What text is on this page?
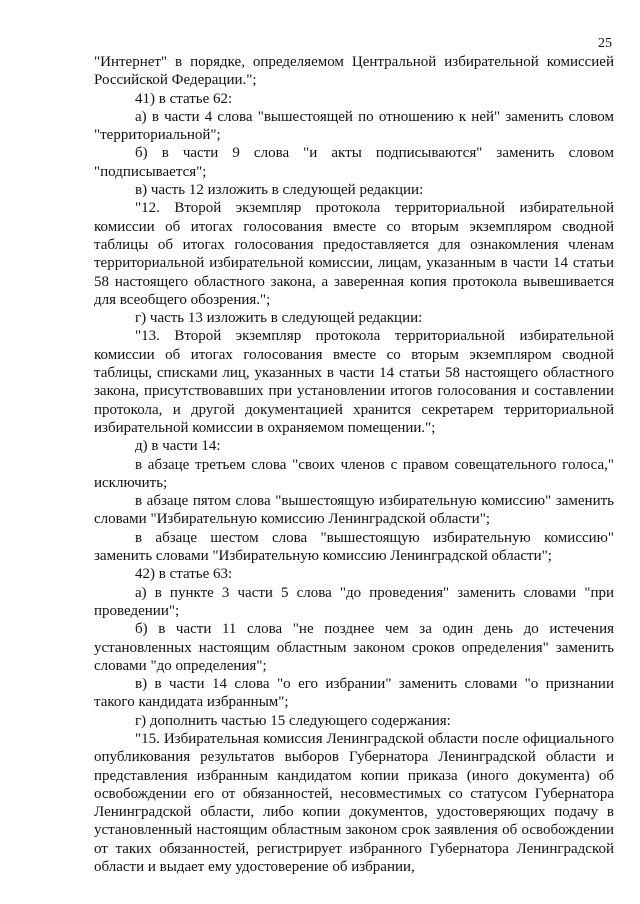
25

"Интернет" в порядке, определяемом Центральной избирательной комиссией Российской Федерации.";

41) в статье 62:

а) в части 4 слова "вышестоящей по отношению к ней" заменить словом "территориальной";

б) в части 9 слова "и акты подписываются" заменить словом "подписывается";

в) часть 12 изложить в следующей редакции:

"12. Второй экземпляр протокола территориальной избирательной комиссии об итогах голосования вместе со вторым экземпляром сводной таблицы об итогах голосования предоставляется для ознакомления членам территориальной избирательной комиссии, лицам, указанным в части 14 статьи 58 настоящего областного закона, а заверенная копия протокола вывешивается для всеобщего обозрения.";

г) часть 13 изложить в следующей редакции:

"13. Второй экземпляр протокола территориальной избирательной комиссии об итогах голосования вместе со вторым экземпляром сводной таблицы, списками лиц, указанных в части 14 статьи 58 настоящего областного закона, присутствовавших при установлении итогов голосования и составлении протокола, и другой документацией хранится секретарем территориальной избирательной комиссии в охраняемом помещении.";

д) в части 14:

в абзаце третьем слова "своих членов с правом совещательного голоса," исключить;

в абзаце пятом слова "вышестоящую избирательную комиссию" заменить словами "Избирательную комиссию Ленинградской области";

в абзаце шестом слова "вышестоящую избирательную комиссию" заменить словами "Избирательную комиссию Ленинградской области";

42) в статье 63:

а) в пункте 3 части 5 слова "до проведения" заменить словами "при проведении";

б) в части 11 слова "не позднее чем за один день до истечения установленных настоящим областным законом сроков определения" заменить словами "до определения";

в) в части 14 слова "о его избрании" заменить словами "о признании такого кандидата избранным";

г) дополнить частью 15 следующего содержания:

"15. Избирательная комиссия Ленинградской области после официального опубликования результатов выборов Губернатора Ленинградской области и представления избранным кандидатом копии приказа (иного документа) об освобождении его от обязанностей, несовместимых со статусом Губернатора Ленинградской области, либо копии документов, удостоверяющих подачу в установленный настоящим областным законом срок заявления об освобождении от таких обязанностей, регистрирует избранного Губернатора Ленинградской области и выдает ему удостоверение об избрании,
